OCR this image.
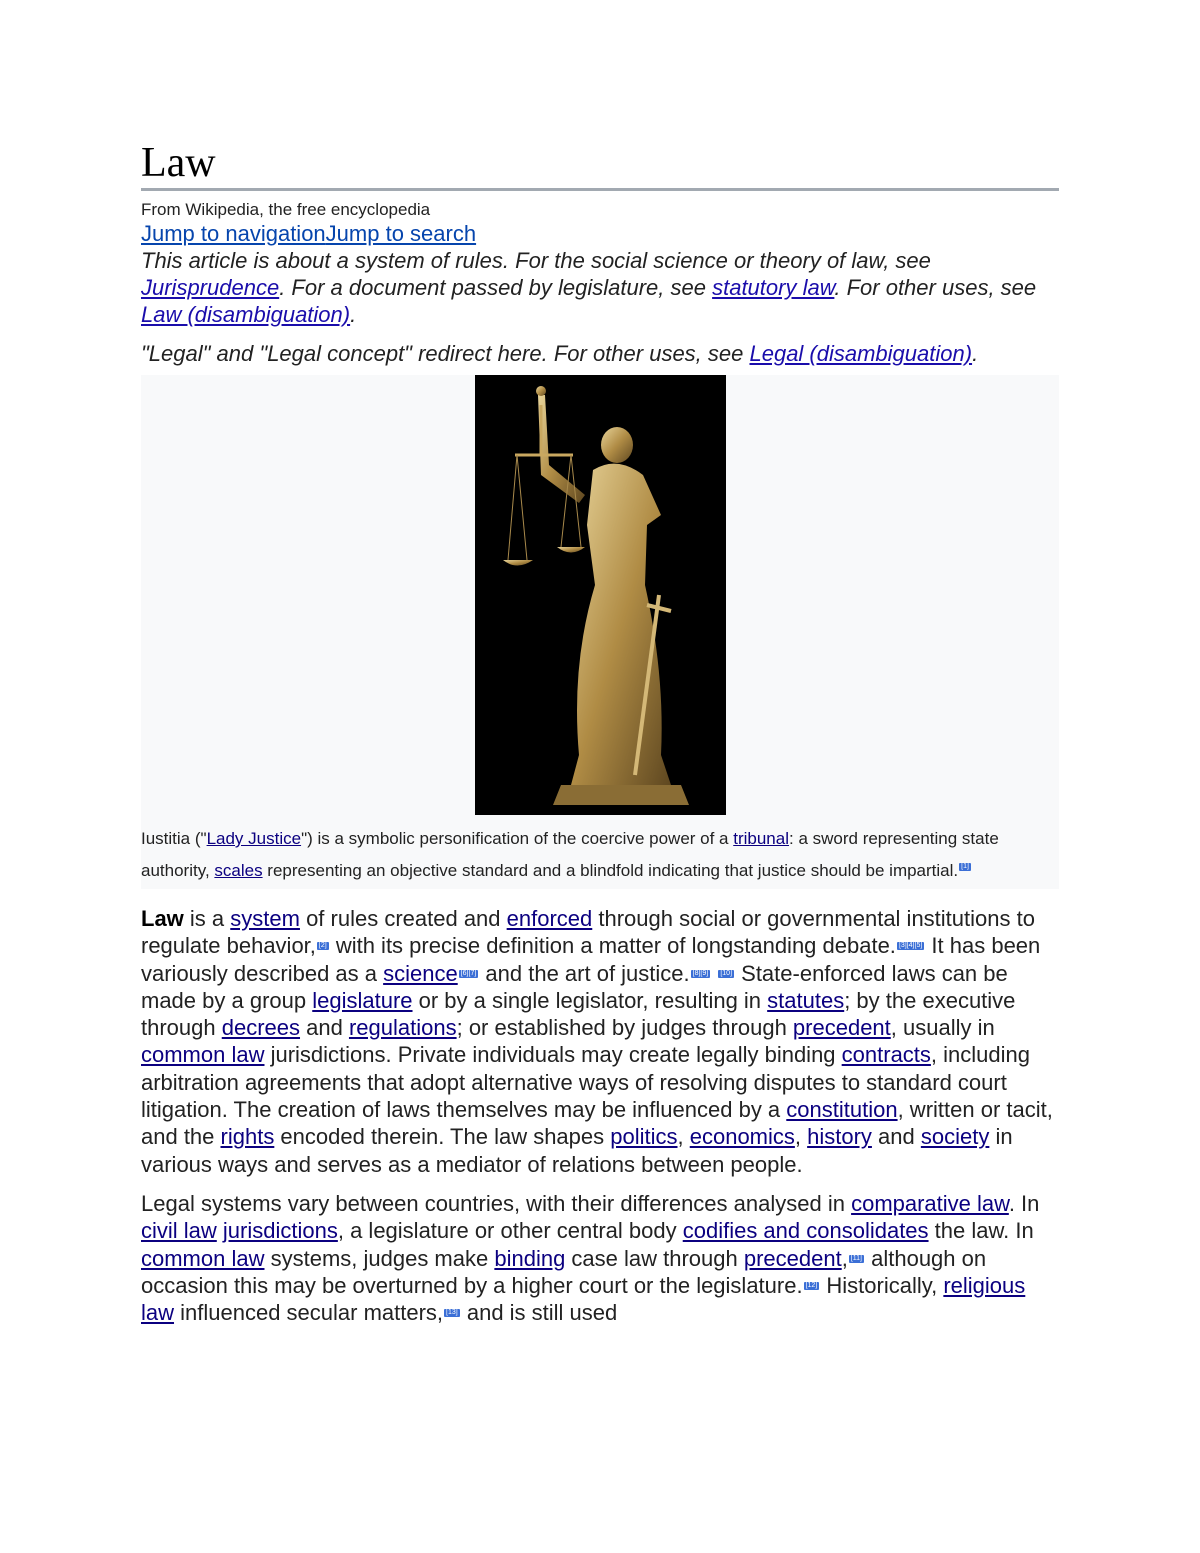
Law
From Wikipedia, the free encyclopedia
Jump to navigationJump to search

This article is about a system of rules. For the social science or theory of law, see Jurisprudence. For a document passed by legislature, see statutory law. For other uses, see Law (disambiguation).

"Legal" and "Legal concept" redirect here. For other uses, see Legal (disambiguation).

Iustitia ("Lady Justice") is a symbolic personification of the coercive power of a tribunal: a sword representing state authority, scales representing an objective standard and a blindfold indicating that justice should be impartial. [1]

Law is a system of rules created and enforced through social or governmental institutions to regulate behavior, [2] with its precise definition a matter of longstanding debate. [3][4][5] It has been variously described as a science [6][7] and the art of justice. [8][9] [10] State-enforced laws can be made by a group legislature or by a single legislator, resulting in statutes; by the executive through decrees and regulations; or established by judges through precedent, usually in common law jurisdictions. Private individuals may create legally binding contracts, including arbitration agreements that adopt alternative ways of resolving disputes to standard court litigation. The creation of laws themselves may be influenced by a constitution, written or tacit, and the rights encoded therein. The law shapes politics, economics, history and society in various ways and serves as a mediator of relations between people.

Legal systems vary between countries, with their differences analysed in comparative law. In civil law jurisdictions, a legislature or other central body codifies and consolidates the law. In common law systems, judges make binding case law through precedent, [11] although on occasion this may be overturned by a higher court or the legislature. [12] Historically, religious law influenced secular matters, [13] and is still used
